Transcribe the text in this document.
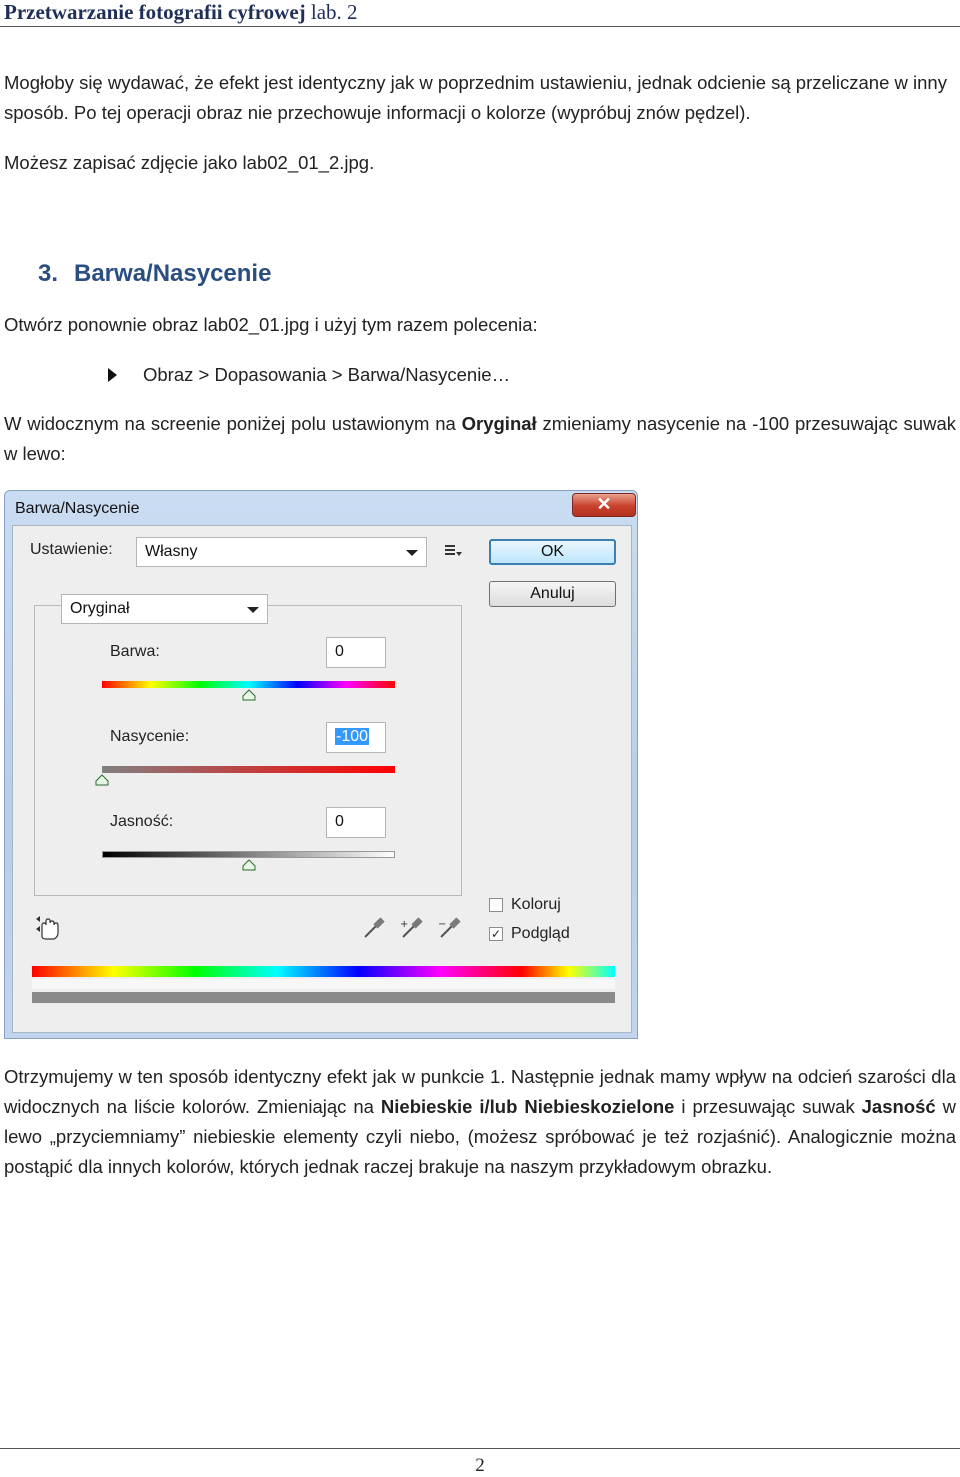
Przetwarzanie fotografii cyfrowej lab. 2
Mogłoby się wydawać, że efekt jest identyczny jak w poprzednim ustawieniu, jednak odcienie są przeliczane w inny sposób. Po tej operacji obraz nie przechowuje informacji o kolorze (wypróbuj znów pędzel).
Możesz zapisać zdjęcie jako lab02_01_2.jpg.
3. Barwa/Nasycenie
Otwórz ponownie obraz lab02_01.jpg i użyj tym razem polecenia:
Obraz > Dopasowania > Barwa/Nasycenie…
W widocznym na screenie poniżej polu ustawionym na Oryginał zmieniamy nasycenie na -100 przesuwając suwak w lewo:
Barwa/Nasycenie	✕
Ustawienie:	Własny	OK
Anuluj
Oryginał
Barwa:	0
Nasycenie:	-100
Jasność:	0
Koloruj
✓ Podgląd
+	−
Otrzymujemy w ten sposób identyczny efekt jak w punkcie 1. Następnie jednak mamy wpływ na odcień szarości dla widocznych na liście kolorów. Zmieniając na Niebieskie i/lub Niebieskozielone i przesuwając suwak Jasność w lewo „przyciemniamy” niebieskie elementy czyli niebo, (możesz spróbować je też rozjaśnić). Analogicznie można postąpić dla innych kolorów, których jednak raczej brakuje na naszym przykładowym obrazku.
2
